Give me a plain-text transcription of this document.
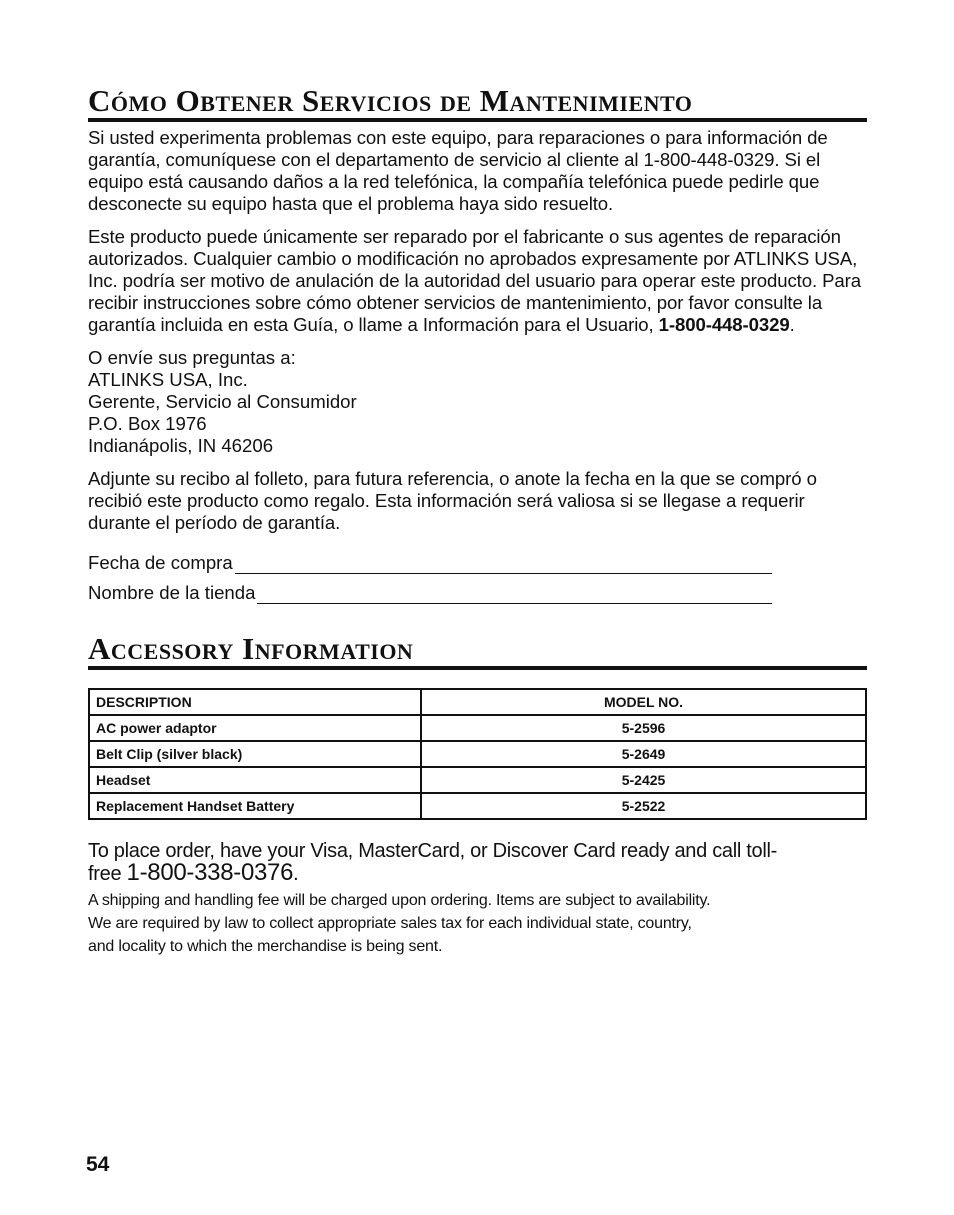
Cómo Obtener Servicios de Mantenimiento

Si usted experimenta problemas con este equipo, para reparaciones o para información de garantía, comuníquese con el departamento de servicio al cliente al 1-800-448-0329. Si el equipo está causando daños a la red telefónica, la compañía telefónica puede pedirle que desconecte su equipo hasta que el problema haya sido resuelto.

Este producto puede únicamente ser reparado por el fabricante o sus agentes de reparación autorizados. Cualquier cambio o modificación no aprobados expresamente por ATLINKS USA, Inc. podría ser motivo de anulación de la autoridad del usuario para operar este producto. Para recibir instrucciones sobre cómo obtener servicios de mantenimiento, por favor consulte la garantía incluida en esta Guía, o llame a Información para el Usuario, 1-800-448-0329.

O envíe sus preguntas a:
ATLINKS USA, Inc.
Gerente, Servicio al Consumidor
P.O. Box 1976
Indianápolis, IN 46206

Adjunte su recibo al folleto, para futura referencia, o anote la fecha en la que se compró o recibió este producto como regalo. Esta información será valiosa si se llegase a requerir durante el período de garantía.

Fecha de compra
Nombre de la tienda
Accessory Information
DESCRIPTION	MODEL NO.
AC power adaptor	5-2596
Belt Clip (silver black)	5-2649
Headset	5-2425
Replacement Handset Battery	5-2522
To place order, have your Visa, MasterCard, or Discover Card ready and call toll-free 1-800-338-0376.
A shipping and handling fee will be charged upon ordering. Items are subject to availability.
We are required by law to collect appropriate sales tax for each individual state, country,
and locality to which the merchandise is being sent.
54
